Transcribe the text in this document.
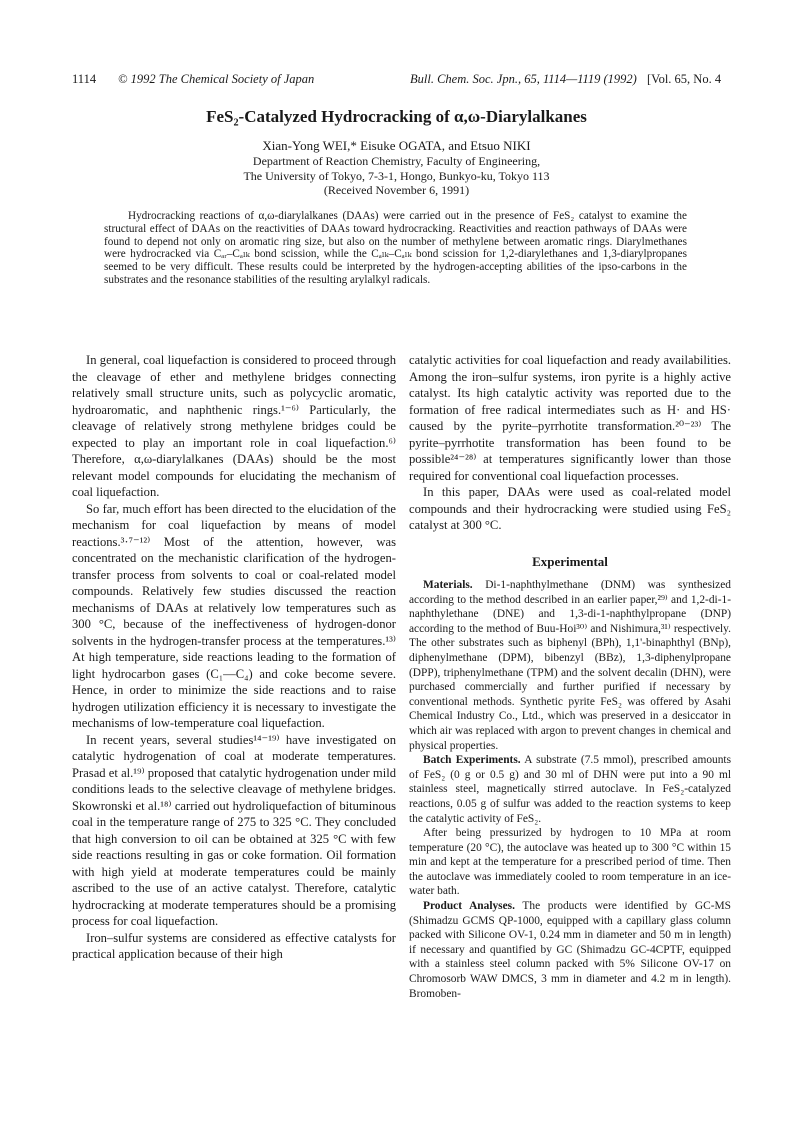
1114 © 1992 The Chemical Society of Japan	Bull. Chem. Soc. Jpn., 65, 1114—1119 (1992) [Vol. 65, No. 4
FeS₂-Catalyzed Hydrocracking of α,ω-Diarylalkanes
Xian-Yong WEI,* Eisuke OGATA, and Etsuo NIKI
Department of Reaction Chemistry, Faculty of Engineering,
The University of Tokyo, 7-3-1, Hongo, Bunkyo-ku, Tokyo 113
(Received November 6, 1991)
Hydrocracking reactions of α,ω-diarylalkanes (DAAs) were carried out in the presence of FeS₂ catalyst to examine the structural effect of DAAs on the reactivities of DAAs toward hydrocracking. Reactivities and reaction pathways of DAAs were found to depend not only on aromatic ring size, but also on the number of methylene between aromatic rings. Diarylmethanes were hydrocracked via Cₐᵣ–Cₐₗₖ bond scission, while the Cₐₗₖ–Cₐₗₖ bond scission for 1,2-diarylethanes and 1,3-diarylpropanes seemed to be very difficult. These results could be interpreted by the hydrogen-accepting abilities of the ipso-carbons in the substrates and the resonance stabilities of the resulting arylalkyl radicals.

In general, coal liquefaction is considered to proceed through the cleavage of ether and methylene bridges connecting relatively small structure units, such as polycyclic aromatic, hydroaromatic, and naphthenic rings.¹⁻⁶⁾ Particularly, the cleavage of relatively strong methylene bridges could be expected to play an important role in coal liquefaction.⁶⁾ Therefore, α,ω-diarylalkanes (DAAs) should be the most relevant model compounds for elucidating the mechanism of coal liquefaction.

So far, much effort has been directed to the elucidation of the mechanism for coal liquefaction by means of model reactions.³·⁷⁻¹²⁾ Most of the attention, however, was concentrated on the mechanistic clarification of the hydrogen-transfer process from solvents to coal or coal-related model compounds. Relatively few studies discussed the reaction mechanisms of DAAs at relatively low temperatures such as 300 °C, because of the ineffectiveness of hydrogen-donor solvents in the hydrogen-transfer process at the temperatures.¹³⁾ At high temperature, side reactions leading to the formation of light hydrocarbon gases (C₁—C₄) and coke become severe. Hence, in order to minimize the side reactions and to raise hydrogen utilization efficiency it is necessary to investigate the mechanisms of low-temperature coal liquefaction.

In recent years, several studies¹⁴⁻¹⁹⁾ have investigated on catalytic hydrogenation of coal at moderate temperatures. Prasad et al.¹⁹⁾ proposed that catalytic hydrogenation under mild conditions leads to the selective cleavage of methylene bridges. Skowronski et al.¹⁸⁾ carried out hydroliquefaction of bituminous coal in the temperature range of 275 to 325 °C. They concluded that high conversion to oil can be obtained at 325 °C with few side reactions resulting in gas or coke formation. Oil formation with high yield at moderate temperatures could be mainly ascribed to the use of an active catalyst. Therefore, catalytic hydrocracking at moderate temperatures should be a promising process for coal liquefaction.

Iron–sulfur systems are considered as effective catalysts for practical application because of their high

catalytic activities for coal liquefaction and ready availabilities. Among the iron–sulfur systems, iron pyrite is a highly active catalyst. Its high catalytic activity was reported due to the formation of free radical intermediates such as H· and HS· caused by the pyrite–pyrrhotite transformation.²⁰⁻²³⁾ The pyrite–pyrrhotite transformation has been found to be possible²⁴⁻²⁸⁾ at temperatures significantly lower than those required for conventional coal liquefaction processes.

In this paper, DAAs were used as coal-related model compounds and their hydrocracking were studied using FeS₂ catalyst at 300 °C.

Experimental

Materials. Di-1-naphthylmethane (DNM) was synthesized according to the method described in an earlier paper,²⁹⁾ and 1,2-di-1-naphthylethane (DNE) and 1,3-di-1-naphthylpropane (DNP) according to the method of Buu-Hoi³⁰⁾ and Nishimura,³¹⁾ respectively. The other substrates such as biphenyl (BPh), 1,1'-binaphthyl (BNp), diphenylmethane (DPM), bibenzyl (BBz), 1,3-diphenylpropane (DPP), triphenylmethane (TPM) and the solvent decalin (DHN), were purchased commercially and further purified if necessary by conventional methods. Synthetic pyrite FeS₂ was offered by Asahi Chemical Industry Co., Ltd., which was preserved in a desiccator in which air was replaced with argon to prevent changes in chemical and physical properties.

Batch Experiments. A substrate (7.5 mmol), prescribed amounts of FeS₂ (0 g or 0.5 g) and 30 ml of DHN were put into a 90 ml stainless steel, magnetically stirred autoclave. In FeS₂-catalyzed reactions, 0.05 g of sulfur was added to the reaction systems to keep the catalytic activity of FeS₂.

After being pressurized by hydrogen to 10 MPa at room temperature (20 °C), the autoclave was heated up to 300 °C within 15 min and kept at the temperature for a prescribed period of time. Then the autoclave was immediately cooled to room temperature in an ice-water bath.

Product Analyses. The products were identified by GC-MS (Shimadzu GCMS QP-1000, equipped with a capillary glass column packed with Silicone OV-1, 0.24 mm in diameter and 50 m in length) if necessary and quantified by GC (Shimadzu GC-4CPTF, equipped with a stainless steel column packed with 5% Silicone OV-17 on Chromosorb WAW DMCS, 3 mm in diameter and 4.2 m in length). Bromoben-
